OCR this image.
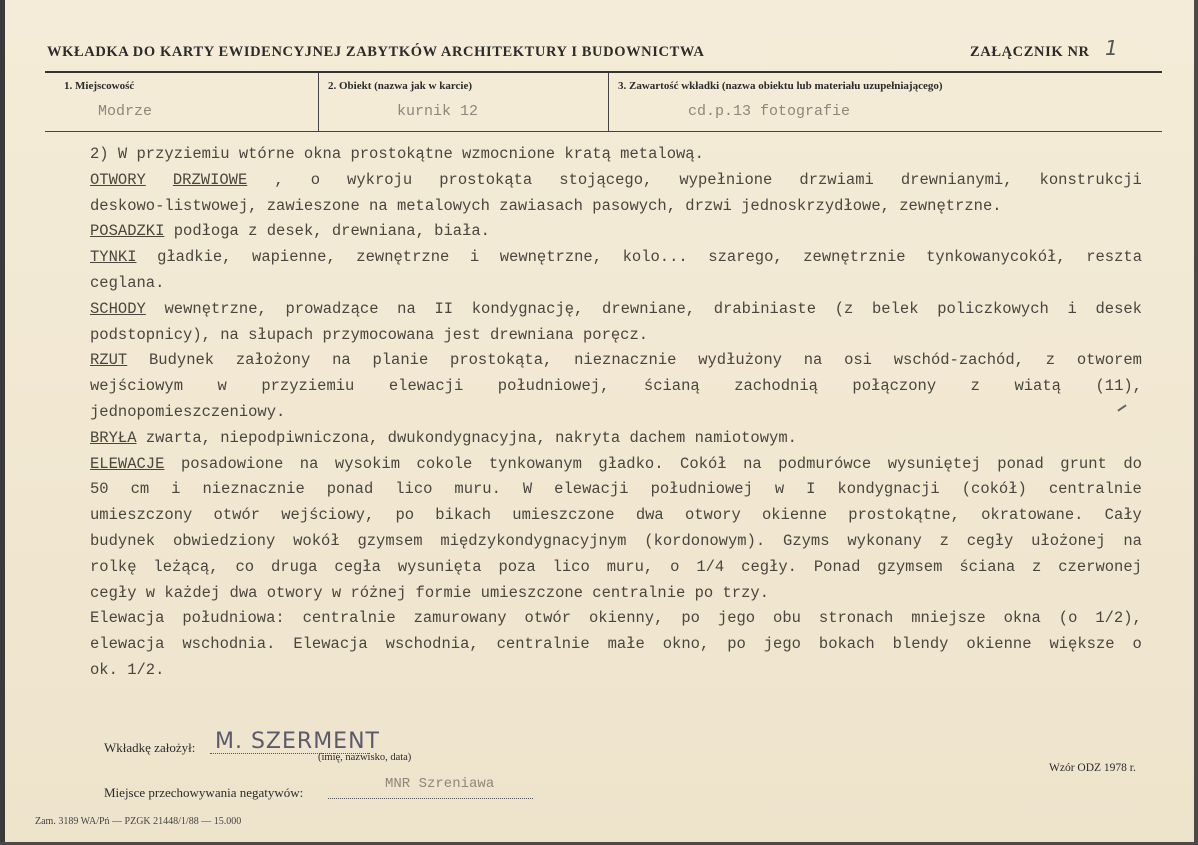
WKŁADKA DO KARTY EWIDENCYJNEJ ZABYTKÓW ARCHITEKTURY I BUDOWNICTWA	ZAŁĄCZNIK NR 1
1. Miejscowość
Modrze
2. Obiekt (nazwa jak w karcie)
kurnik 12
3. Zawartość wkładki (nazwa obiektu lub materiału uzupełniającego)
cd.p.13 fotografie
2) W przyziemiu wtórne okna prostokątne wzmocnione kratą metalową.
OTWORY DRZWIOWE , o wykroju prostokąta stojącego, wypełnione drzwiami drewnianymi, konstrukcji
deskowo-listwowej, zawieszone na metalowych zawiasach pasowych, drzwi jednoskrzydłowe, zewnętrzne.
POSADZKI podłoga z desek, drewniana, biała.
TYNKI gładkie, wapienne, zewnętrzne i wewnętrzne, kolo... szarego, zewnętrznie tynkowanycokół, reszta
ceglana.
SCHODY wewnętrzne, prowadzące na II kondygnację, drewniane, drabiniaste (z belek policzkowych i desek
podstopnicy), na słupach przymocowana jest drewniana poręcz.
RZUT Budynek założony na planie prostokąta, nieznacznie wydłużony na osi wschód-zachód, z otworem
wejściowym w przyziemiu elewacji południowej, ścianą zachodnią połączony z wiatą (11),
jednopomieszczeniowy.
BRYŁA zwarta, niepodpiwniczona, dwukondygnacyjna, nakryta dachem namiotowym.
ELEWACJE posadowione na wysokim cokole tynkowanym gładko. Cokół na podmurówce wysuniętej ponad grunt do
50 cm i nieznacznie ponad lico muru. W elewacji południowej w I kondygnacji (cokół) centralnie
umieszczony otwór wejściowy, po bikach umieszczone dwa otwory okienne prostokątne, okratowane. Cały
budynek obwiedziony wokół gzymsem międzykondygnacyjnym (kordonowym). Gzyms wykonany z cegły ułożonej na
rolkę leżącą, co druga cegła wysunięta poza lico muru, o 1/4 cegły. Ponad gzymsem ściana z czerwonej
cegły w każdej dwa otwory w różnej formie umieszczone centralnie po trzy.
Elewacja południowa: centralnie zamurowany otwór okienny, po jego obu stronach mniejsze okna (o 1/2),
elewacja wschodnia. Elewacja wschodnia, centralnie małe okno, po jego bokach blendy okienne większe o
ok. 1/2.
Wkładkę założył: M. SZERMENT
(imię, nazwisko, data)
Miejsce przechowywania negatywów:
MNR Szreniawa
Wzór ODZ 1978 r.
Zam. 3189 WA/Pń — PZGK 21448/1/88 — 15.000
